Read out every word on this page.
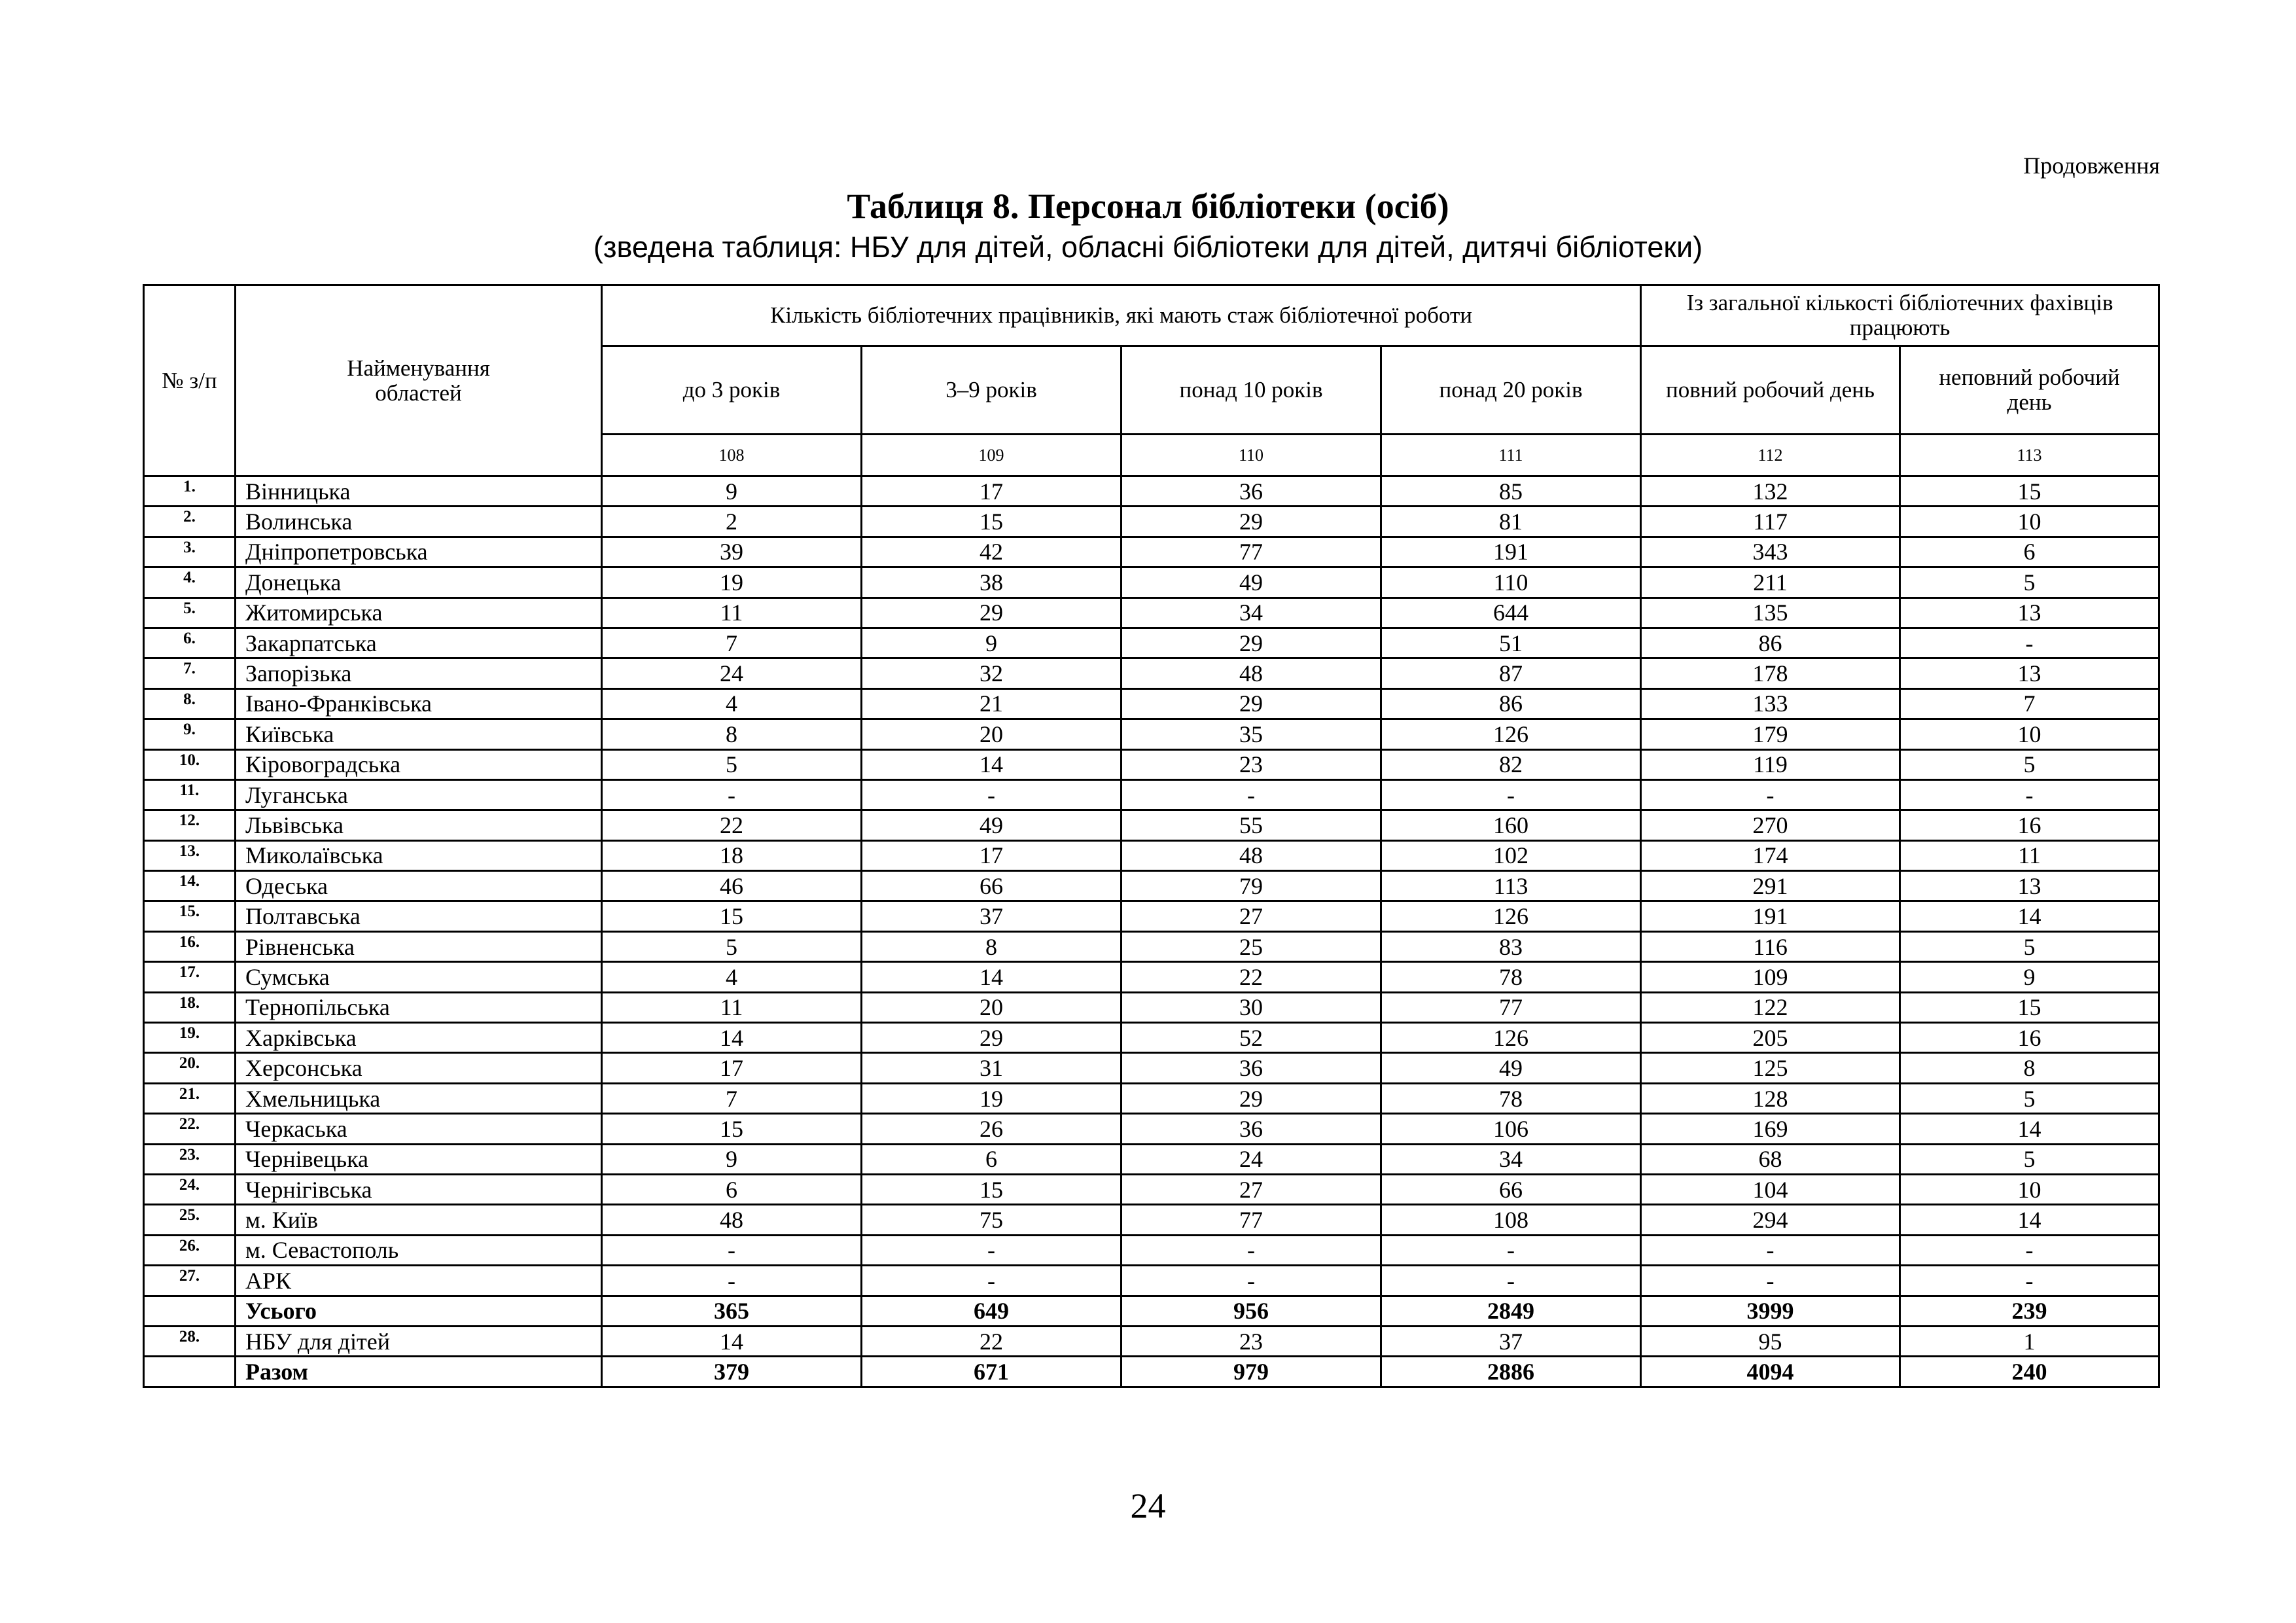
Продовження
Таблиця 8. Персонал бібліотеки (осіб)
(зведена таблиця: НБУ для дітей, обласні бібліотеки для дітей, дитячі бібліотеки)
№ з/п	Найменування областей	Кількість бібліотечних працівників, які мають стаж бібліотечної роботи				Із загальної кількості бібліотечних фахівців працюють	
		до 3 років	3–9 років	понад 10 років	понад 20 років	повний робочий день	неповний робочий день
		108	109	110	111	112	113
1.	Вінницька	9	17	36	85	132	15
2.	Волинська	2	15	29	81	117	10
3.	Дніпропетровська	39	42	77	191	343	6
4.	Донецька	19	38	49	110	211	5
5.	Житомирська	11	29	34	644	135	13
6.	Закарпатська	7	9	29	51	86	-
7.	Запорізька	24	32	48	87	178	13
8.	Івано-Франківська	4	21	29	86	133	7
9.	Київська	8	20	35	126	179	10
10.	Кіровоградська	5	14	23	82	119	5
11.	Луганська	-	-	-	-	-	-
12.	Львівська	22	49	55	160	270	16
13.	Миколаївська	18	17	48	102	174	11
14.	Одеська	46	66	79	113	291	13
15.	Полтавська	15	37	27	126	191	14
16.	Рівненська	5	8	25	83	116	5
17.	Сумська	4	14	22	78	109	9
18.	Тернопільська	11	20	30	77	122	15
19.	Харківська	14	29	52	126	205	16
20.	Херсонська	17	31	36	49	125	8
21.	Хмельницька	7	19	29	78	128	5
22.	Черкаська	15	26	36	106	169	14
23.	Чернівецька	9	6	24	34	68	5
24.	Чернігівська	6	15	27	66	104	10
25.	м. Київ	48	75	77	108	294	14
26.	м. Севастополь	-	-	-	-	-	-
27.	АРК	-	-	-	-	-	-
	Усього	365	649	956	2849	3999	239
28.	НБУ для дітей	14	22	23	37	95	1
	Разом	379	671	979	2886	4094	240
24
